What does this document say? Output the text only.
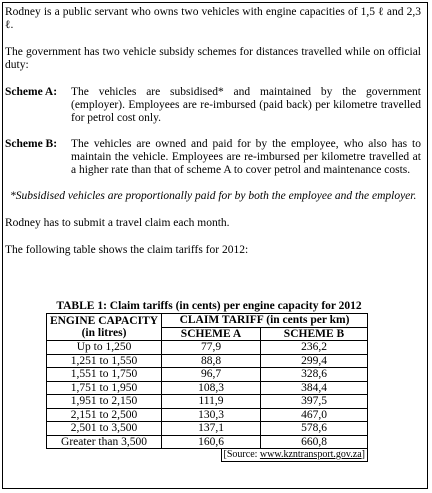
Rodney is a public servant who owns two vehicles with engine capacities of 1,5 ℓ and 2,3 ℓ.

The government has two vehicle subsidy schemes for distances travelled while on official duty:

Scheme A:	The vehicles are subsidised* and maintained by the government (employer). Employees are re-imbursed (paid back) per kilometre travelled for petrol cost only.
Scheme B:	The vehicles are owned and paid for by the employee, who also has to maintain the vehicle. Employees are re-imbursed per kilometre travelled at a higher rate than that of scheme A to cover petrol and maintenance costs.

*Subsidised vehicles are proportionally paid for by both the employee and the employer.

Rodney has to submit a travel claim each month.

The following table shows the claim tariffs for 2012:

TABLE 1: Claim tariffs (in cents) per engine capacity for 2012
ENGINE CAPACITY (in litres)	CLAIM TARIFF (in cents per km)	
	SCHEME A	SCHEME B
Up to 1,250	77,9	236,2
1,251 to 1,550	88,8	299,4
1,551 to 1,750	96,7	328,6
1,751 to 1,950	108,3	384,4
1,951 to 2,150	111,9	397,5
2,151 to 2,500	130,3	467,0
2,501 to 3,500	137,1	578,6
Greater than 3,500	160,6	660,8
[Source: www.kzntransport.gov.za]
